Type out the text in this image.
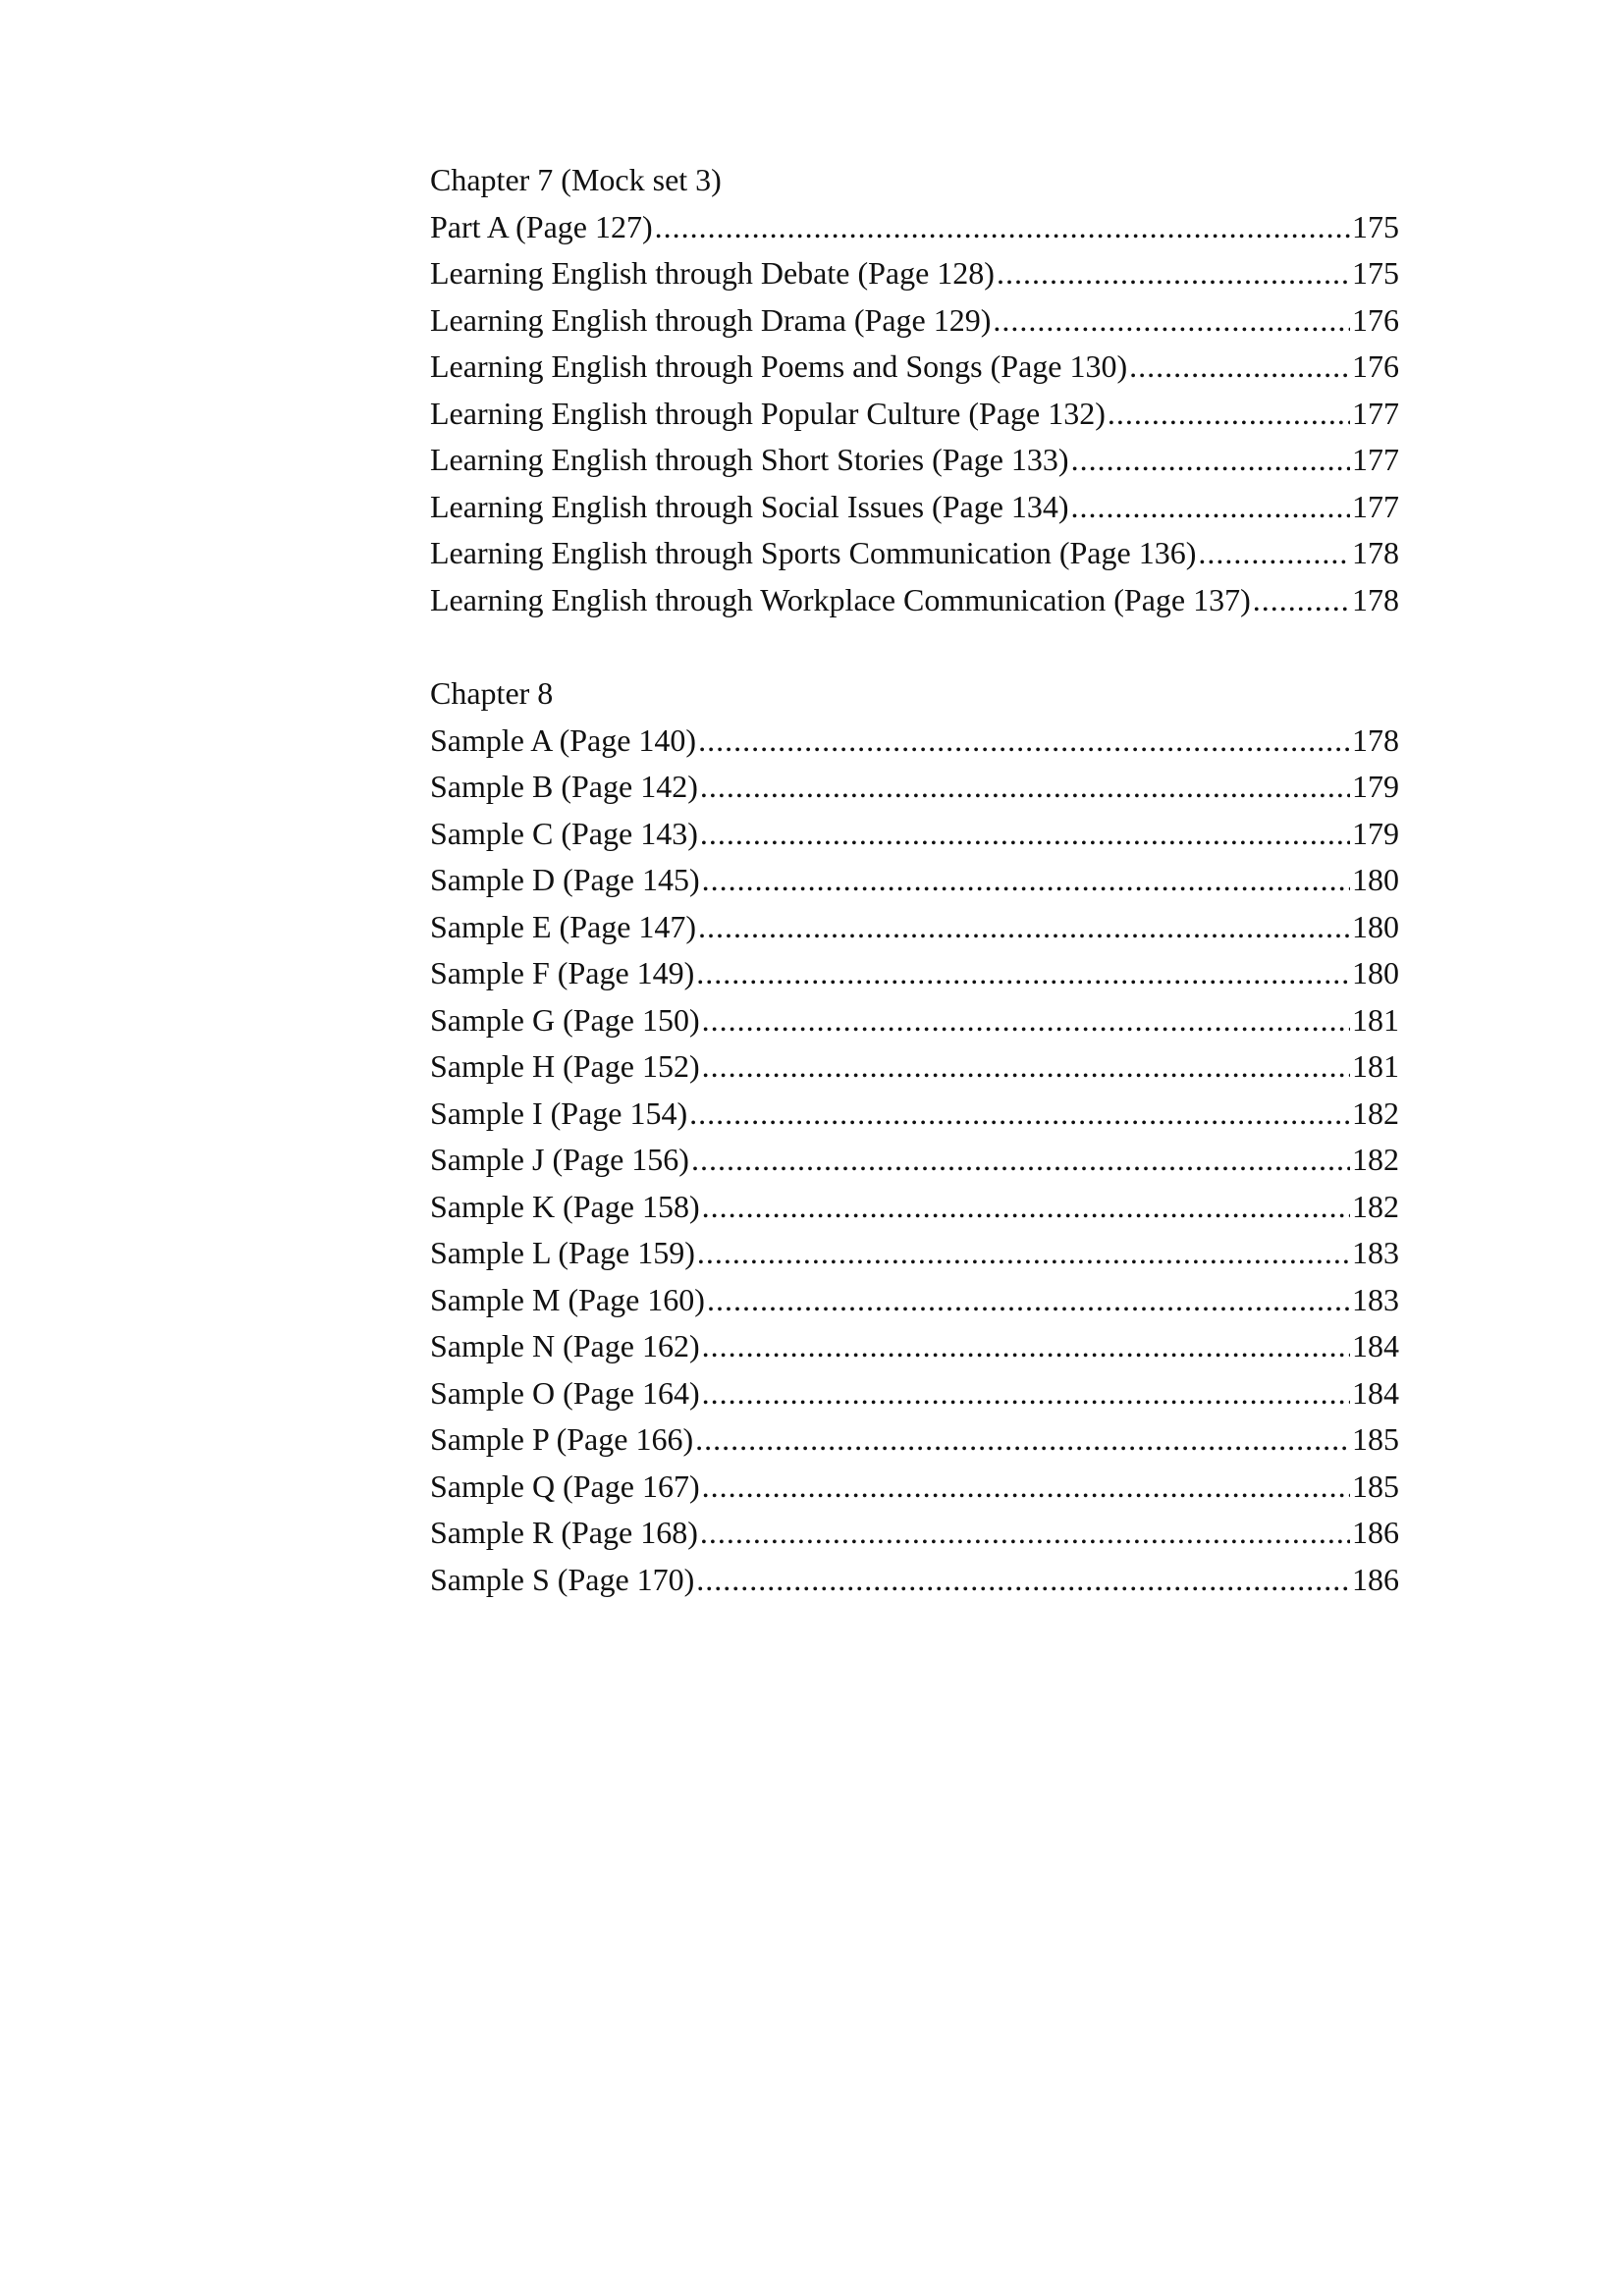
Chapter 7 (Mock set 3)
Part A (Page 127) .....	175
Learning English through Debate (Page 128) .....	175
Learning English through Drama (Page 129) .....	176
Learning English through Poems and Songs (Page 130) .....	176
Learning English through Popular Culture (Page 132) .....	177
Learning English through Short Stories (Page 133) .....	177
Learning English through Social Issues (Page 134) .....	177
Learning English through Sports Communication (Page 136) .....	178
Learning English through Workplace Communication (Page 137) .....	178
Chapter 8
Sample A (Page 140) .....	178
Sample B (Page 142) .....	179
Sample C (Page 143) .....	179
Sample D (Page 145) .....	180
Sample E (Page 147) .....	180
Sample F (Page 149) .....	180
Sample G (Page 150) .....	181
Sample H (Page 152) .....	181
Sample I (Page 154) .....	182
Sample J (Page 156) .....	182
Sample K (Page 158) .....	182
Sample L (Page 159) .....	183
Sample M (Page 160) .....	183
Sample N (Page 162) .....	184
Sample O (Page 164) .....	184
Sample P (Page 166) .....	185
Sample Q (Page 167) .....	185
Sample R (Page 168) .....	186
Sample S (Page 170) .....	186
